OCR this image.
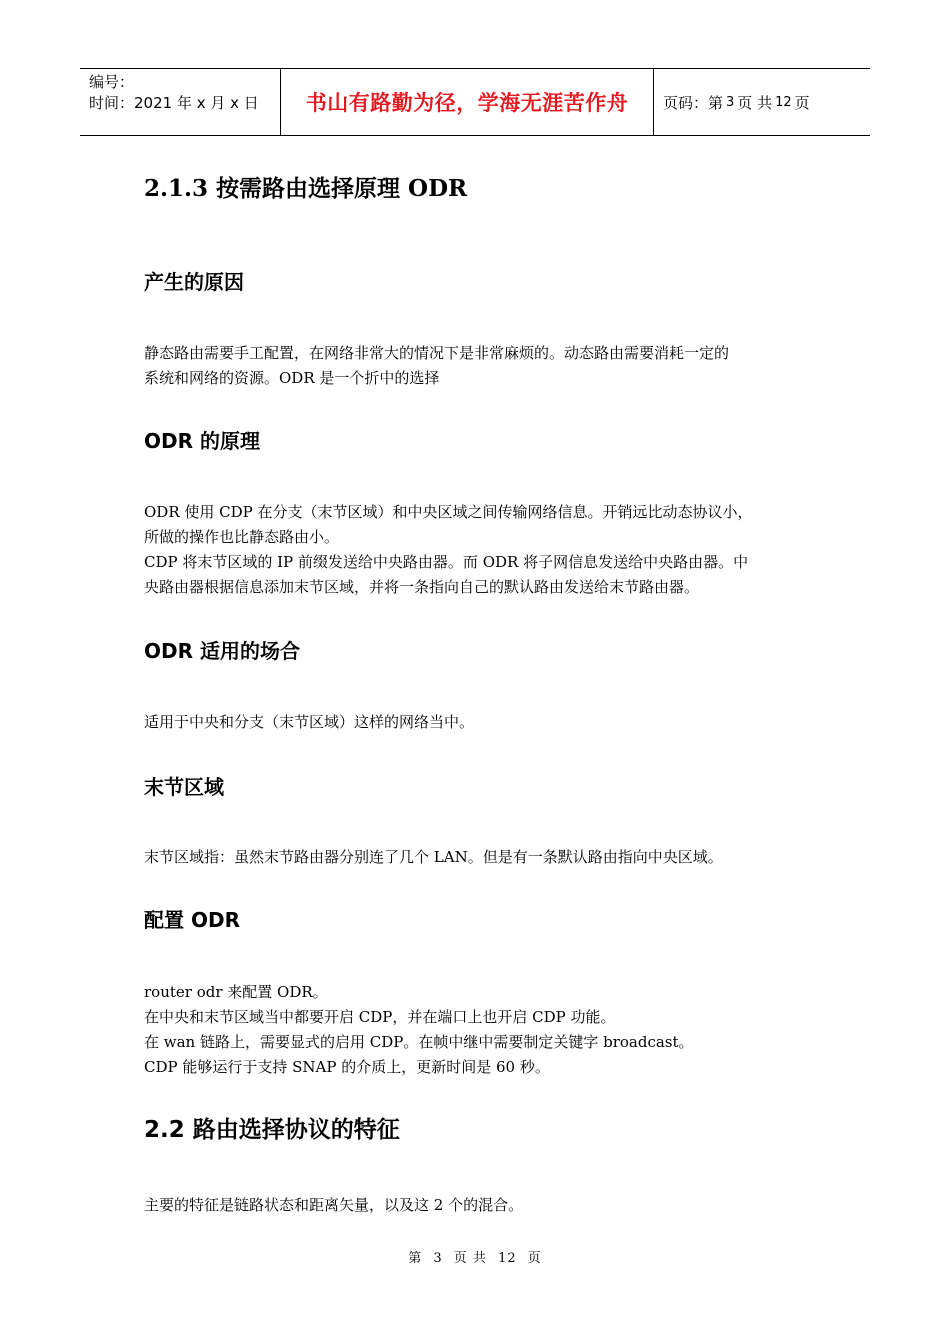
编号：
时间：2021 年 x 月 x 日	书山有路勤为径，学海无涯苦作舟 页码：第 3 页 共 12 页
2.1.3 按需路由选择原理 ODR
产生的原因
静态路由需要手工配置，在网络非常大的情况下是非常麻烦的。动态路由需要消耗一定的
系统和网络的资源。ODR 是一个折中的选择
ODR 的原理
ODR 使用 CDP 在分支（末节区域）和中央区域之间传输网络信息。开销远比动态协议小，
所做的操作也比静态路由小。
CDP 将末节区域的 IP 前缀发送给中央路由器。而 ODR 将子网信息发送给中央路由器。中
央路由器根据信息添加末节区域，并将一条指向自己的默认路由发送给末节路由器。
ODR 适用的场合
适用于中央和分支（末节区域）这样的网络当中。
末节区域
末节区域指：虽然末节路由器分别连了几个 LAN。但是有一条默认路由指向中央区域。
配置 ODR
router odr 来配置 ODR。
在中央和末节区域当中都要开启 CDP，并在端口上也开启 CDP 功能。
在 wan 链路上，需要显式的启用 CDP。在帧中继中需要制定关键字 broadcast。
CDP 能够运行于支持 SNAP 的介质上，更新时间是 60 秒。
2.2 路由选择协议的特征
主要的特征是链路状态和距离矢量，以及这 2 个的混合。
第 3 页 共 12 页
